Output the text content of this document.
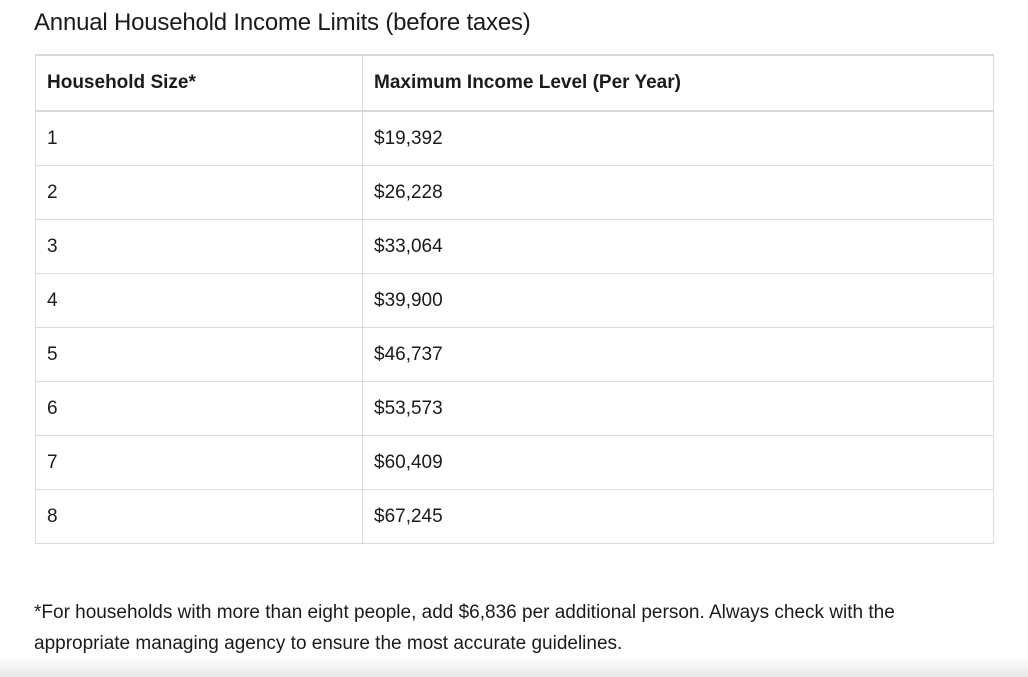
Annual Household Income Limits (before taxes)
Household Size*	Maximum Income Level (Per Year)
1	$19,392
2	$26,228
3	$33,064
4	$39,900
5	$46,737
6	$53,573
7	$60,409
8	$67,245

*For households with more than eight people, add $6,836 per additional person. Always check with the appropriate managing agency to ensure the most accurate guidelines.
